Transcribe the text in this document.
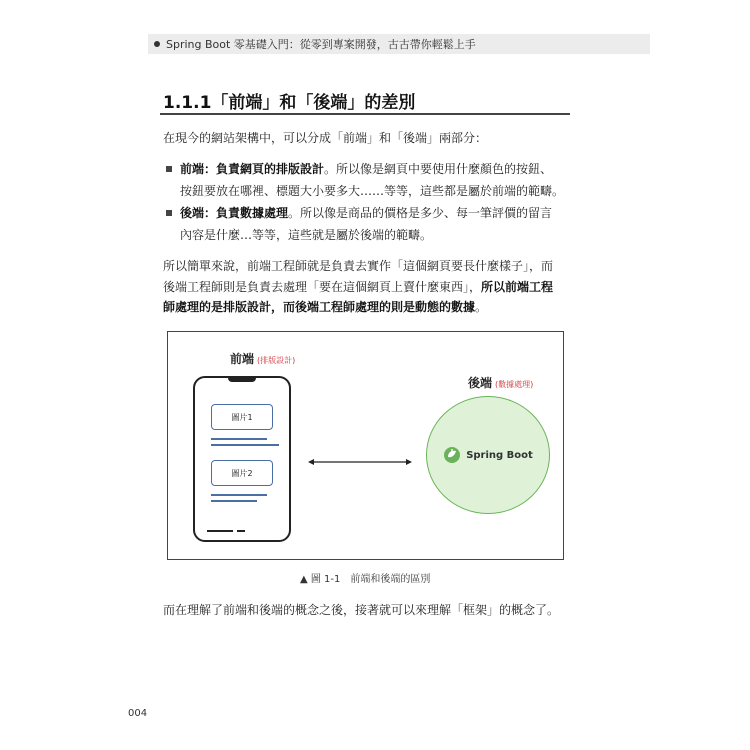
Spring Boot 零基礎入門：從零到專案開發，古古帶你輕鬆上手
1.1.1「前端」和「後端」的差別
在現今的網站架構中，可以分成「前端」和「後端」兩部分：
前端：負責網頁的排版設計。所以像是網頁中要使用什麼顏色的按鈕、
按鈕要放在哪裡、標題大小要多大……等等，這些都是屬於前端的範疇。
後端：負責數據處理。所以像是商品的價格是多少、每一筆評價的留言
內容是什麼…等等，這些就是屬於後端的範疇。
所以簡單來說，前端工程師就是負責去實作「這個網頁要長什麼樣子」，而
後端工程師則是負責去處理「要在這個網頁上賣什麼東西」，所以前端工程
師處理的是排版設計，而後端工程師處理的則是動態的數據。
前端 (排版設計)
圖片1
圖片2
後端 (數據處理)
Spring Boot
▲ 圖 1-1　前端和後端的區別
而在理解了前端和後端的概念之後，接著就可以來理解「框架」的概念了。
004
